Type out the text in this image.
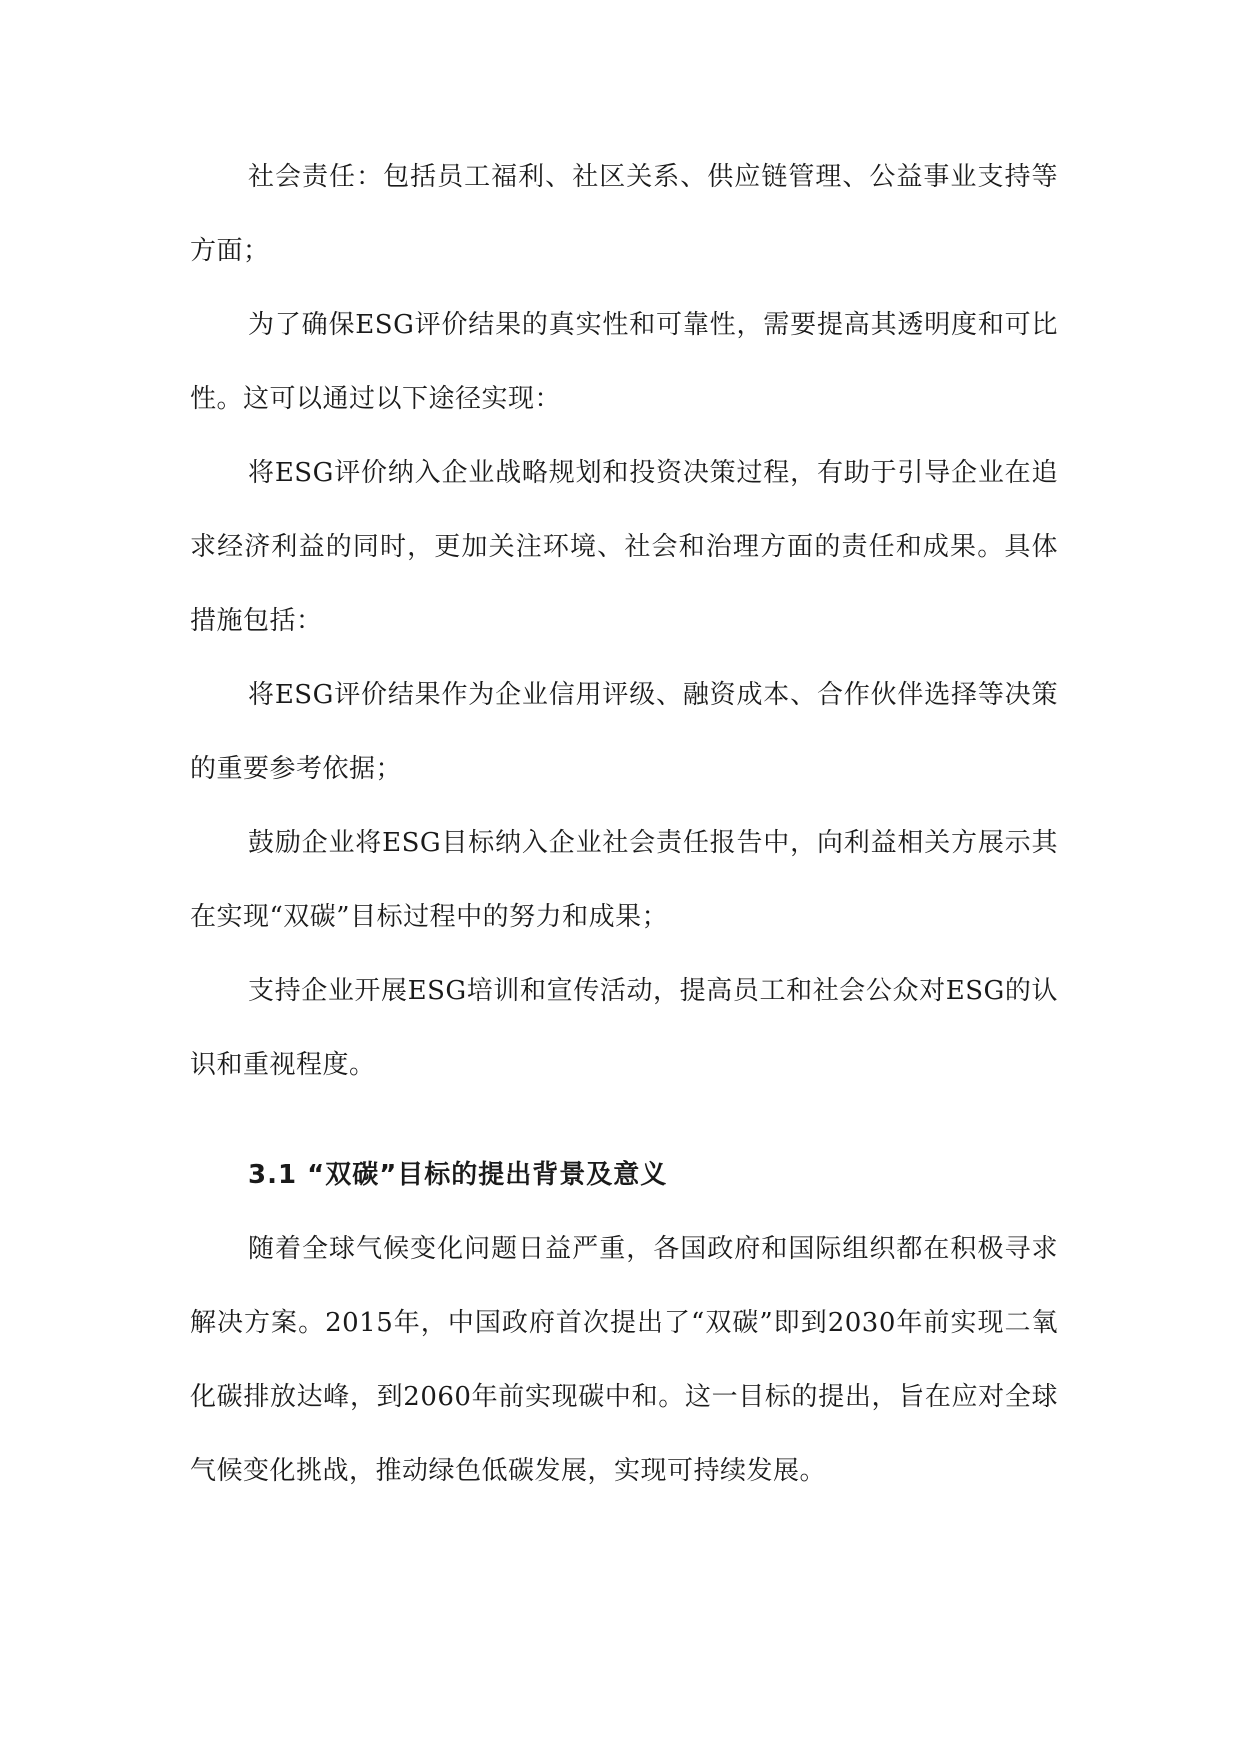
社会责任：包括员工福利、社区关系、供应链管理、公益事业支持等方面；

为了确保ESG评价结果的真实性和可靠性，需要提高其透明度和可比性。这可以通过以下途径实现：

将ESG评价纳入企业战略规划和投资决策过程，有助于引导企业在追求经济利益的同时，更加关注环境、社会和治理方面的责任和成果。具体措施包括：

将ESG评价结果作为企业信用评级、融资成本、合作伙伴选择等决策的重要参考依据；

鼓励企业将ESG目标纳入企业社会责任报告中，向利益相关方展示其在实现“双碳”目标过程中的努力和成果；

支持企业开展ESG培训和宣传活动，提高员工和社会公众对ESG的认识和重视程度。

3.1 “双碳”目标的提出背景及意义

随着全球气候变化问题日益严重，各国政府和国际组织都在积极寻求解决方案。2015年，中国政府首次提出了“双碳”即到2030年前实现二氧化碳排放达峰，到2060年前实现碳中和。这一目标的提出，旨在应对全球气候变化挑战，推动绿色低碳发展，实现可持续发展。
